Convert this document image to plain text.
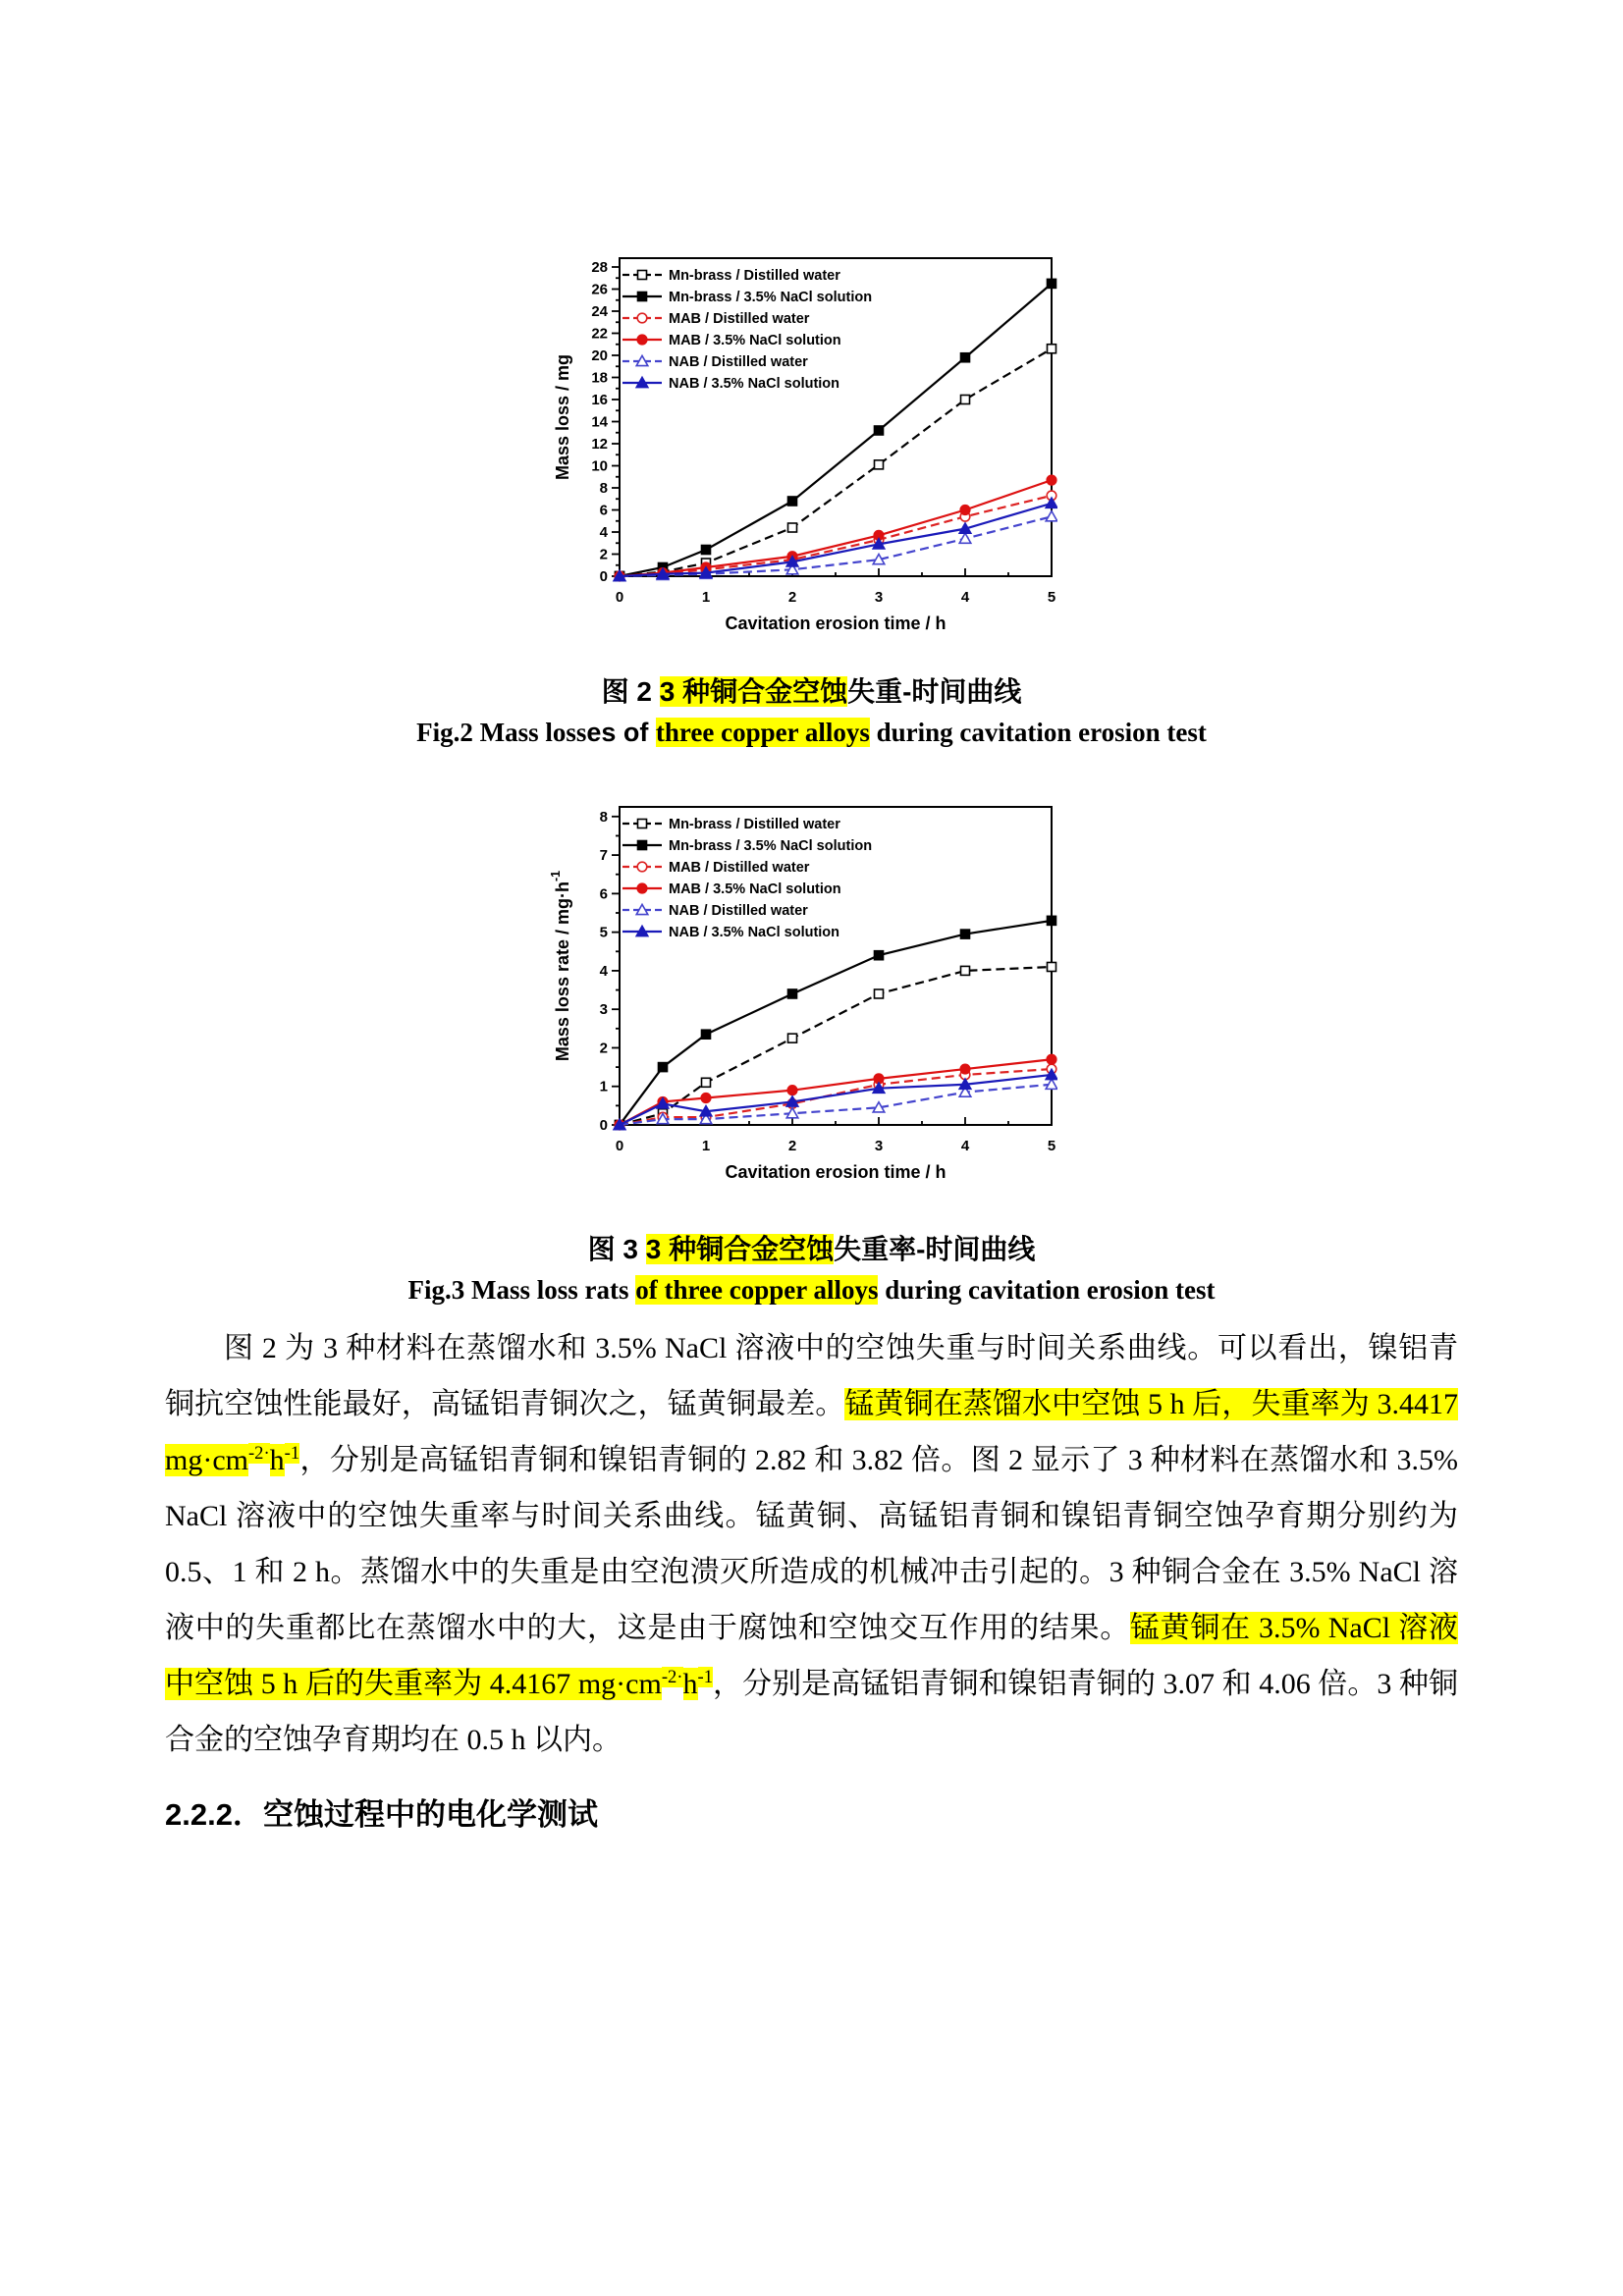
0
2
4
6
8
10
12
14
16
18
20
22
24
26
28
Mass loss / mg
0	1	2	3	4	5
Cavitation erosion time / h
Mn-brass / Distilled water
Mn-brass / 3.5% NaCl solution
MAB / Distilled water
MAB / 3.5% NaCl solution
NAB / Distilled water
NAB / 3.5% NaCl solution

图 2 3 种铜合金空蚀失重-时间曲线

Fig.2 Mass losses of three copper alloys during cavitation erosion test

0
1
2
3
4
5
6
7
8
Mass loss rate / $mg\cdot h^{-1}$
0	1	2	3	4	5
Cavitation erosion time / h
Mn-brass / Distilled water
Mn-brass / 3.5% NaCl solution
MAB / Distilled water
MAB / 3.5% NaCl solution
NAB / Distilled water
NAB / 3.5% NaCl solution

图 3 3 种铜合金空蚀失重率-时间曲线

Fig.3 Mass loss rats of three copper alloys during cavitation erosion test

图 2 为 3 种材料在蒸馏水和 3.5% NaCl 溶液中的空蚀失重与时间关系曲线。可以看出，镍铝青铜抗空蚀性能最好，高锰铝青铜次之，锰黄铜最差。锰黄铜在蒸馏水中空蚀 5 h 后，失重率为 3.4417 $mg\cdot cm^{-2\cdot}h^{-1}$，分别是高锰铝青铜和镍铝青铜的 2.82 和 3.82 倍。图 2 显示了 3 种材料在蒸馏水和 3.5% NaCl 溶液中的空蚀失重率与时间关系曲线。锰黄铜、高锰铝青铜和镍铝青铜空蚀孕育期分别约为 0.5、1 和 2 h。蒸馏水中的失重是由空泡溃灭所造成的机械冲击引起的。3 种铜合金在 3.5% NaCl 溶液中的失重都比在蒸馏水中的大，这是由于腐蚀和空蚀交互作用的结果。锰黄铜在 3.5% NaCl 溶液中空蚀 5 h 后的失重率为 4.4167 $mg\cdot cm^{-2\cdot}h^{-1}$，分别是高锰铝青铜和镍铝青铜的 3.07 和 4.06 倍。3 种铜合金的空蚀孕育期均在 0.5 h 以内。

2.2.2．空蚀过程中的电化学测试
